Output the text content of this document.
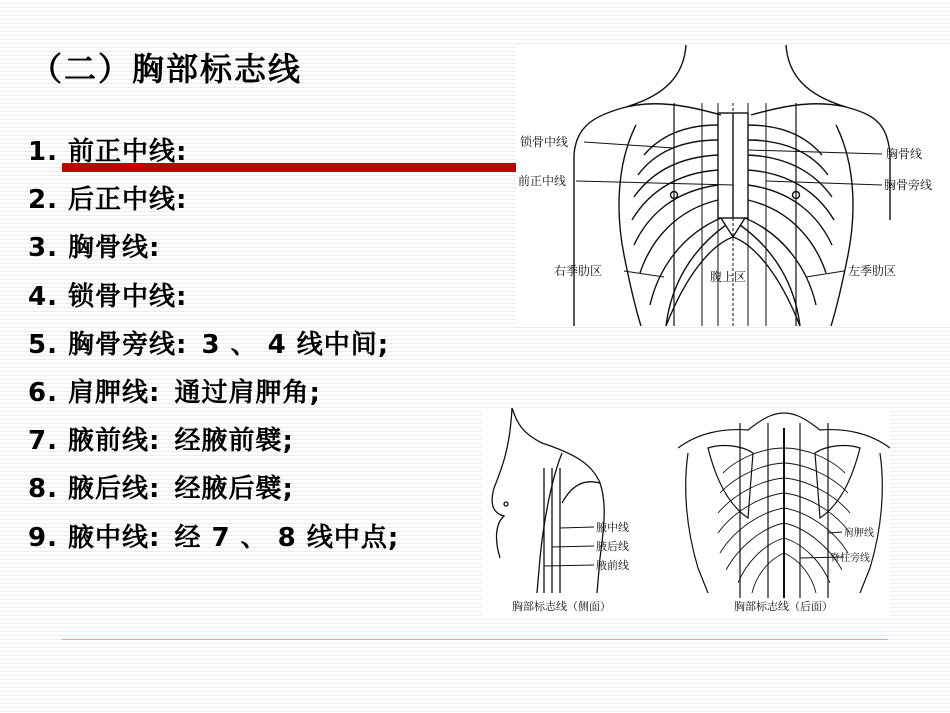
（二）胸部标志线
1. 前正中线:
2. 后正中线:
3. 胸骨线:
4. 锁骨中线:
5. 胸骨旁线: 3 、 4 线中间;
6. 肩胛线: 通过肩胛角;
7. 腋前线: 经腋前襞;
8. 腋后线: 经腋后襞;
9. 腋中线: 经 7 、 8 线中点;
锁骨中线
前正中线
胸骨线
胸骨旁线
右季肋区	腹上区	左季肋区
腋中线
腋后线
腋前线
胸部标志线（侧面）
肩胛线
脊柱旁线
胸部标志线（后面）
